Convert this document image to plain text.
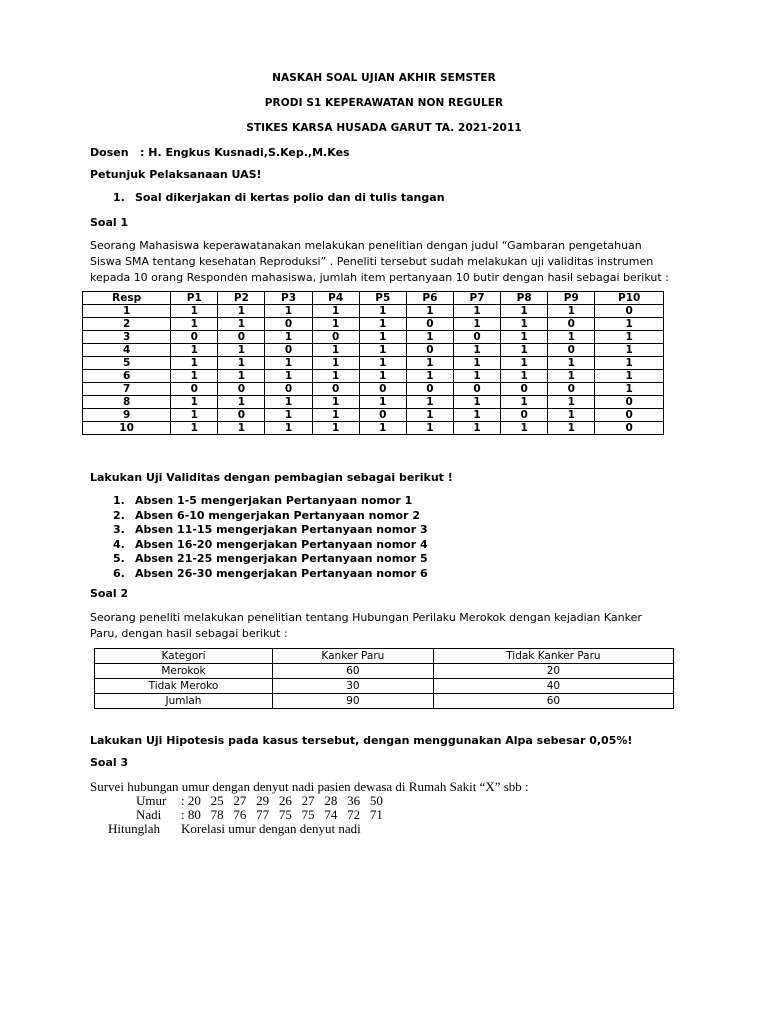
NASKAH SOAL UJIAN AKHIR SEMSTER
PRODI S1 KEPERAWATAN NON REGULER
STIKES KARSA HUSADA GARUT TA. 2021-2011
Dosen   : H. Engkus Kusnadi,S.Kep.,M.Kes
Petunjuk Pelaksanaan UAS!
1. Soal dikerjakan di kertas polio dan di tulis tangan
Soal 1
Seorang Mahasiswa keperawatanakan melakukan penelitian dengan judul “Gambaran pengetahuan
Siswa SMA tentang kesehatan Reproduksi” . Peneliti tersebut sudah melakukan uji validitas instrumen
kepada 10 orang Responden mahasiswa, jumlah item pertanyaan 10 butir dengan hasil sebagai berikut :
Resp	P1	P2	P3	P4	P5	P6	P7	P8	P9	P10
1	1	1	1	1	1	1	1	1	1	0
2	1	1	0	1	1	0	1	1	0	1
3	0	0	1	0	1	1	0	1	1	1
4	1	1	0	1	1	0	1	1	0	1
5	1	1	1	1	1	1	1	1	1	1
6	1	1	1	1	1	1	1	1	1	1
7	0	0	0	0	0	0	0	0	0	1
8	1	1	1	1	1	1	1	1	1	0
9	1	0	1	1	0	1	1	0	1	0
10	1	1	1	1	1	1	1	1	1	0
Lakukan Uji Validitas dengan pembagian sebagai berikut !
1. Absen 1-5 mengerjakan Pertanyaan nomor 1
2. Absen 6-10 mengerjakan Pertanyaan nomor 2
3. Absen 11-15 mengerjakan Pertanyaan nomor 3
4. Absen 16-20 mengerjakan Pertanyaan nomor 4
5. Absen 21-25 mengerjakan Pertanyaan nomor 5
6. Absen 26-30 mengerjakan Pertanyaan nomor 6
Soal 2
Seorang peneliti melakukan penelitian tentang Hubungan Perilaku Merokok dengan kejadian Kanker
Paru, dengan hasil sebagai berikut :
Kategori	Kanker Paru	Tidak Kanker Paru
Merokok	60	20
Tidak Meroko	30	40
Jumlah	90	60
Lakukan Uji Hipotesis pada kasus tersebut, dengan menggunakan Alpa sebesar 0,05%!
Soal 3
Survei hubungan umur dengan denyut nadi pasien dewasa di Rumah Sakit “X” sbb :
Umur : 20   25   27   29   26   27   28   36   50
Nadi : 80   78   76   77   75   75   74   72   71
Hitunglah Korelasi umur dengan denyut nadi
